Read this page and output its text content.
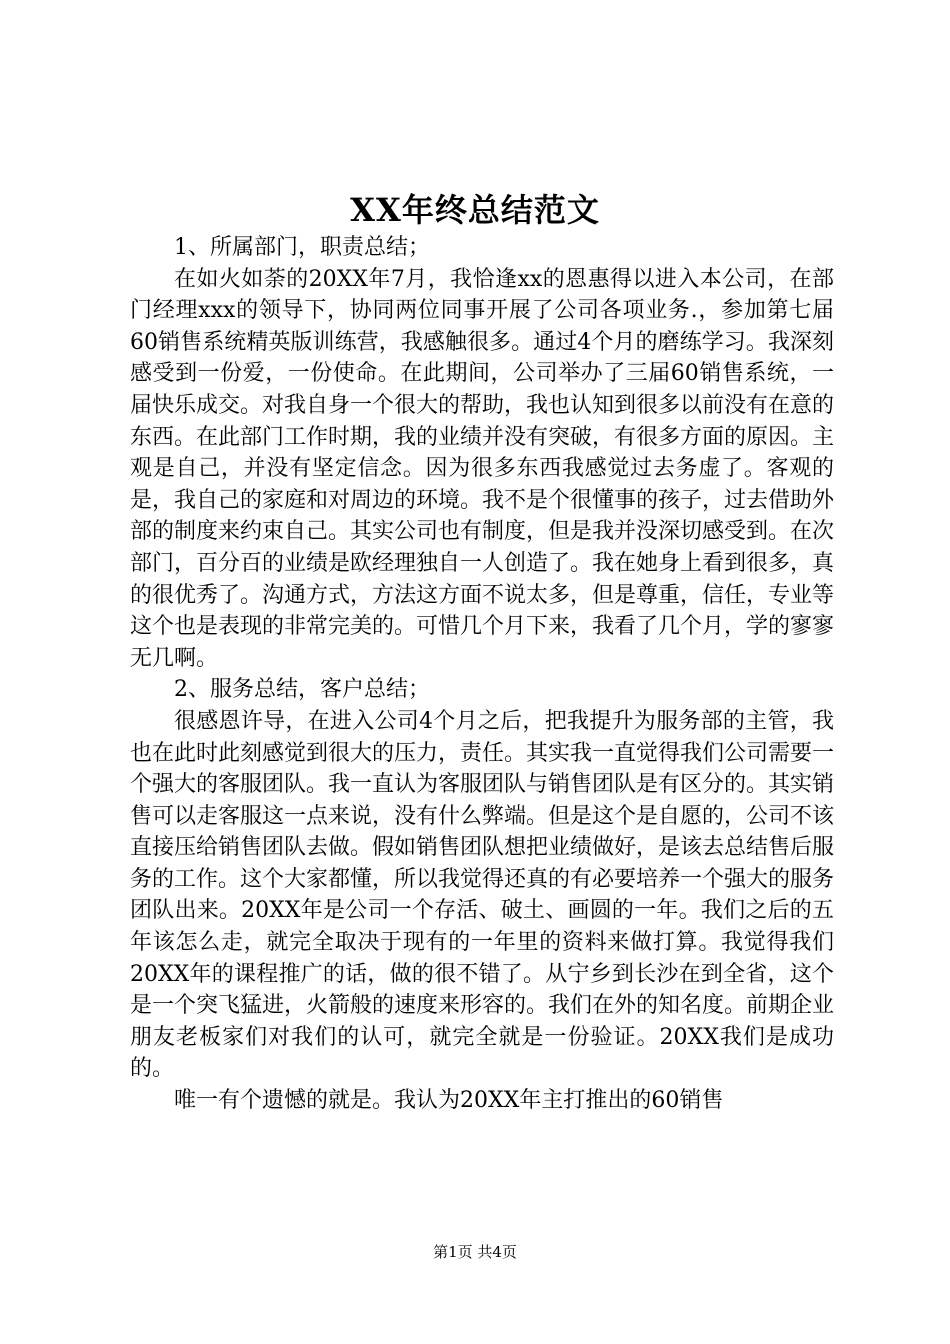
XX年终总结范文

1、所属部门，职责总结；

在如火如荼的20XX年7月，我恰逢xx的恩惠得以进入本公司，在部门经理xxx的领导下，协同两位同事开展了公司各项业务.，参加第七届60销售系统精英版训练营，我感触很多。通过4个月的磨练学习。我深刻感受到一份爱，一份使命。在此期间，公司举办了三届60销售系统，一届快乐成交。对我自身一个很大的帮助，我也认知到很多以前没有在意的东西。在此部门工作时期，我的业绩并没有突破，有很多方面的原因。主观是自己，并没有坚定信念。因为很多东西我感觉过去务虚了。客观的是，我自己的家庭和对周边的环境。我不是个很懂事的孩子，过去借助外部的制度来约束自己。其实公司也有制度，但是我并没深切感受到。在次部门，百分百的业绩是欧经理独自一人创造了。我在她身上看到很多，真的很优秀了。沟通方式，方法这方面不说太多，但是尊重，信任，专业等这个也是表现的非常完美的。可惜几个月下来，我看了几个月，学的寥寥无几啊。

2、服务总结，客户总结；

很感恩许导，在进入公司4个月之后，把我提升为服务部的主管，我也在此时此刻感觉到很大的压力，责任。其实我一直觉得我们公司需要一个强大的客服团队。我一直认为客服团队与销售团队是有区分的。其实销售可以走客服这一点来说，没有什么弊端。但是这个是自愿的，公司不该直接压给销售团队去做。假如销售团队想把业绩做好，是该去总结售后服务的工作。这个大家都懂，所以我觉得还真的有必要培养一个强大的服务团队出来。20XX年是公司一个存活、破土、画圆的一年。我们之后的五年该怎么走，就完全取决于现有的一年里的资料来做打算。我觉得我们20XX年的课程推广的话，做的很不错了。从宁乡到长沙在到全省，这个是一个突飞猛进，火箭般的速度来形容的。我们在外的知名度。前期企业朋友老板家们对我们的认可，就完全就是一份验证。20XX我们是成功的。

唯一有个遗憾的就是。我认为20XX年主打推出的60销售

第1页 共4页
